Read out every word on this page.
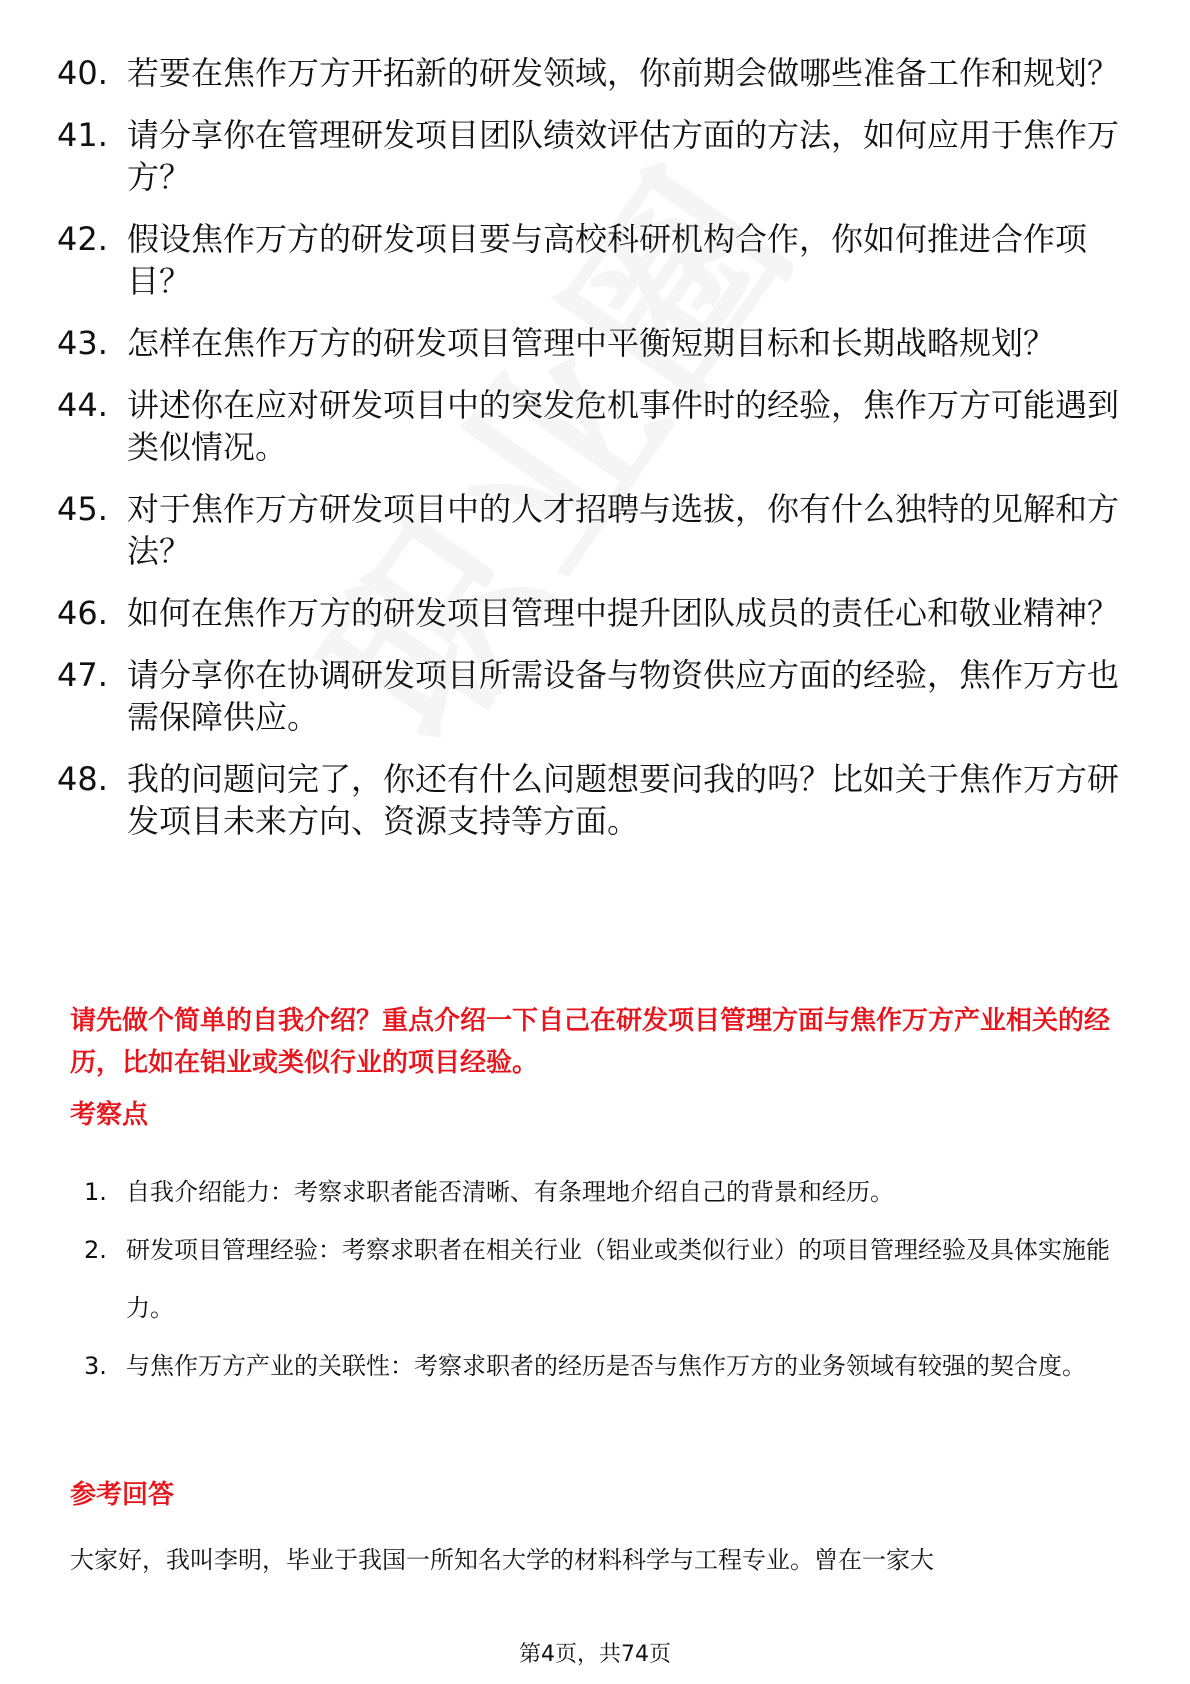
40. 若要在焦作万方开拓新的研发领域，你前期会做哪些准备工作和规划？
41. 请分享你在管理研发项目团队绩效评估方面的方法，如何应用于焦作万方？
42. 假设焦作万方的研发项目要与高校科研机构合作，你如何推进合作项目？
43. 怎样在焦作万方的研发项目管理中平衡短期目标和长期战略规划？
44. 讲述你在应对研发项目中的突发危机事件时的经验，焦作万方可能遇到类似情况。
45. 对于焦作万方研发项目中的人才招聘与选拔，你有什么独特的见解和方法？
46. 如何在焦作万方的研发项目管理中提升团队成员的责任心和敬业精神？
47. 请分享你在协调研发项目所需设备与物资供应方面的经验，焦作万方也需保障供应。
48. 我的问题问完了，你还有什么问题想要问我的吗？比如关于焦作万方研发项目未来方向、资源支持等方面。
请先做个简单的自我介绍？重点介绍一下自己在研发项目管理方面与焦作万方产业相关的经历，比如在铝业或类似行业的项目经验。
考察点
1. 自我介绍能力：考察求职者能否清晰、有条理地介绍自己的背景和经历。
2. 研发项目管理经验：考察求职者在相关行业（铝业或类似行业）的项目管理经验及具体实施能力。
3. 与焦作万方产业的关联性：考察求职者的经历是否与焦作万方的业务领域有较强的契合度。
参考回答
大家好，我叫李明，毕业于我国一所知名大学的材料科学与工程专业。曾在一家大
第4页，共74页
